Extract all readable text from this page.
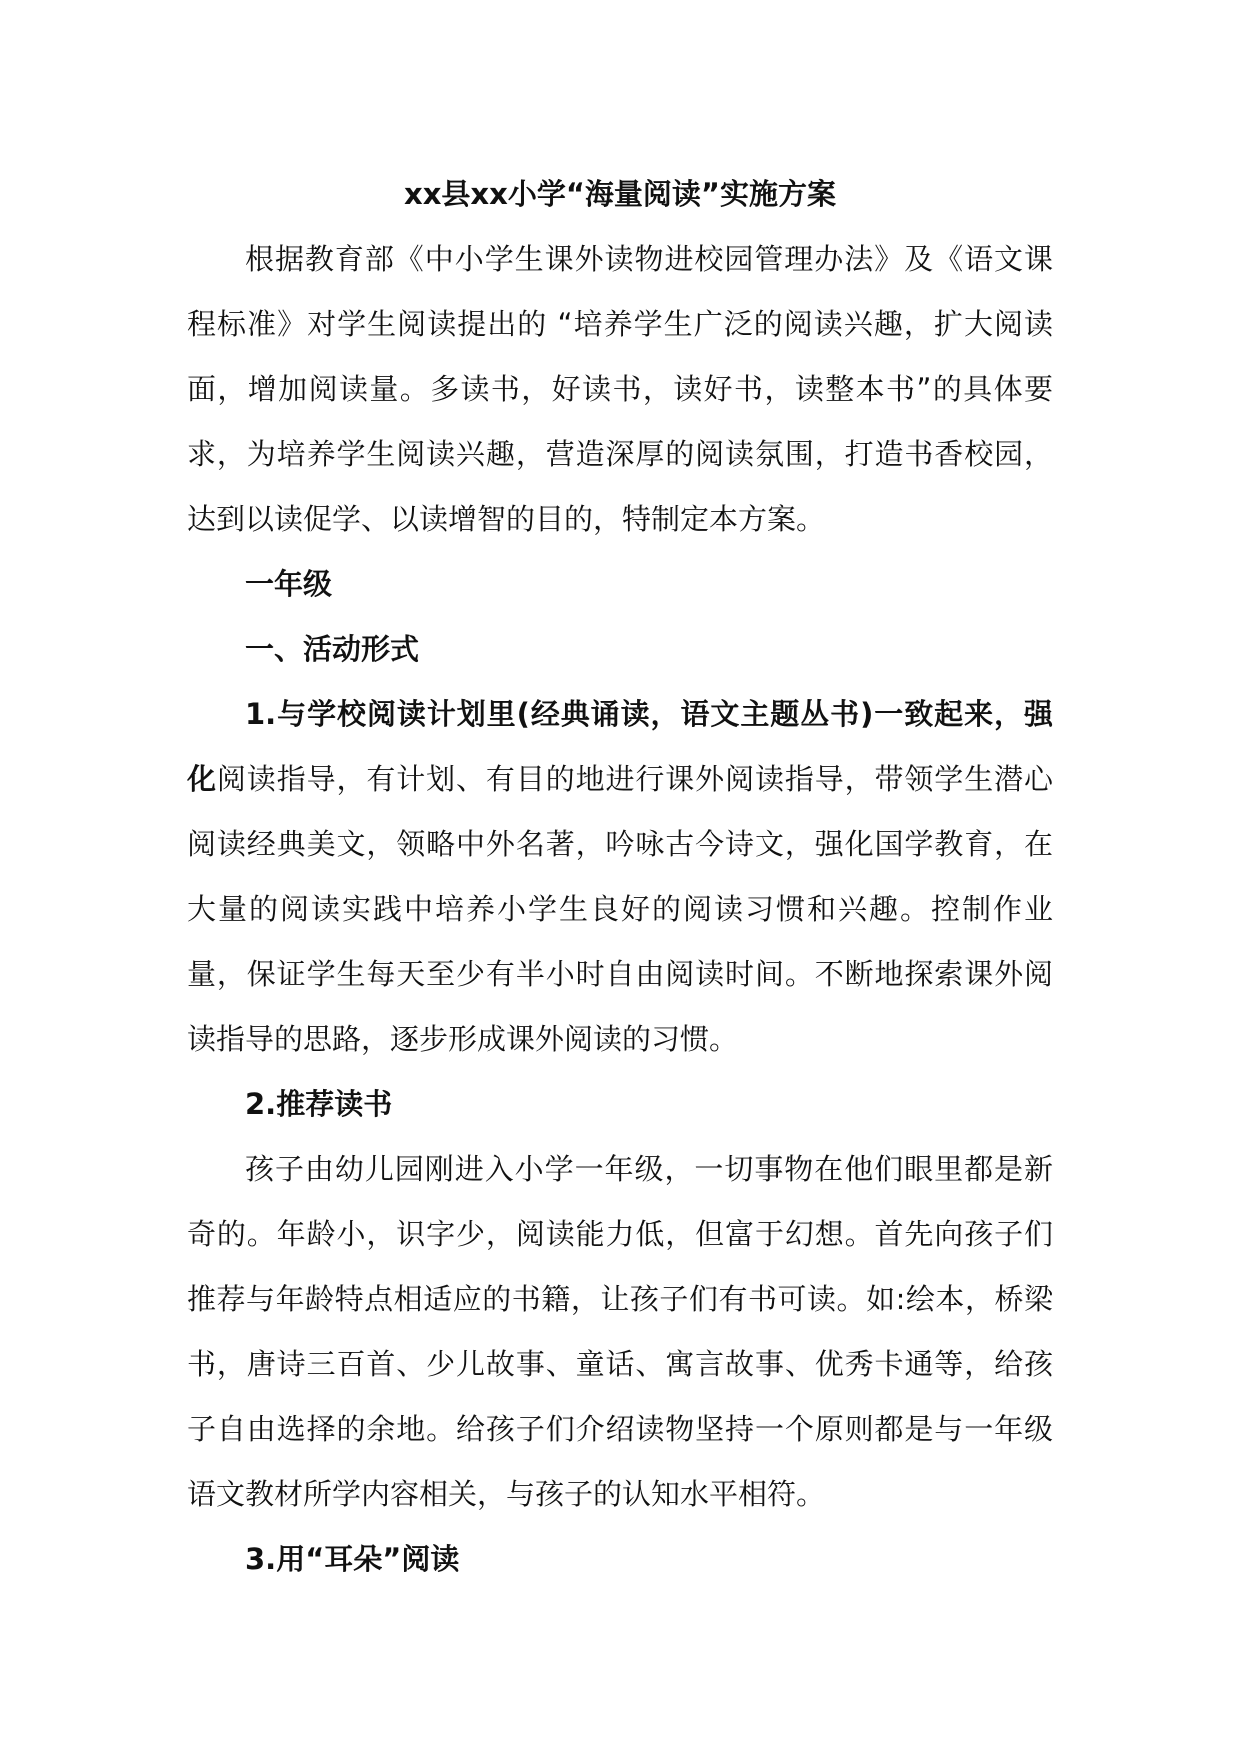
xx县xx小学“海量阅读”实施方案

根据教育部《中小学生课外读物进校园管理办法》及《语文课程标准》对学生阅读提出的 “培养学生广泛的阅读兴趣，扩大阅读面，增加阅读量。多读书，好读书，读好书，读整本书”的具体要求，为培养学生阅读兴趣，营造深厚的阅读氛围，打造书香校园，达到以读促学、以读增智的目的，特制定本方案。

一年级

一、活动形式

1.与学校阅读计划里(经典诵读，语文主题丛书)一致起来，强化阅读指导，有计划、有目的地进行课外阅读指导，带领学生潜心阅读经典美文，领略中外名著，吟咏古今诗文，强化国学教育，在大量的阅读实践中培养小学生良好的阅读习惯和兴趣。控制作业量，保证学生每天至少有半小时自由阅读时间。不断地探索课外阅读指导的思路，逐步形成课外阅读的习惯。

2.推荐读书

孩子由幼儿园刚进入小学一年级，一切事物在他们眼里都是新奇的。年龄小，识字少，阅读能力低，但富于幻想。首先向孩子们推荐与年龄特点相适应的书籍，让孩子们有书可读。如:绘本，桥梁书，唐诗三百首、少儿故事、童话、寓言故事、优秀卡通等，给孩子自由选择的余地。给孩子们介绍读物坚持一个原则都是与一年级语文教材所学内容相关，与孩子的认知水平相符。

3.用“耳朵”阅读
